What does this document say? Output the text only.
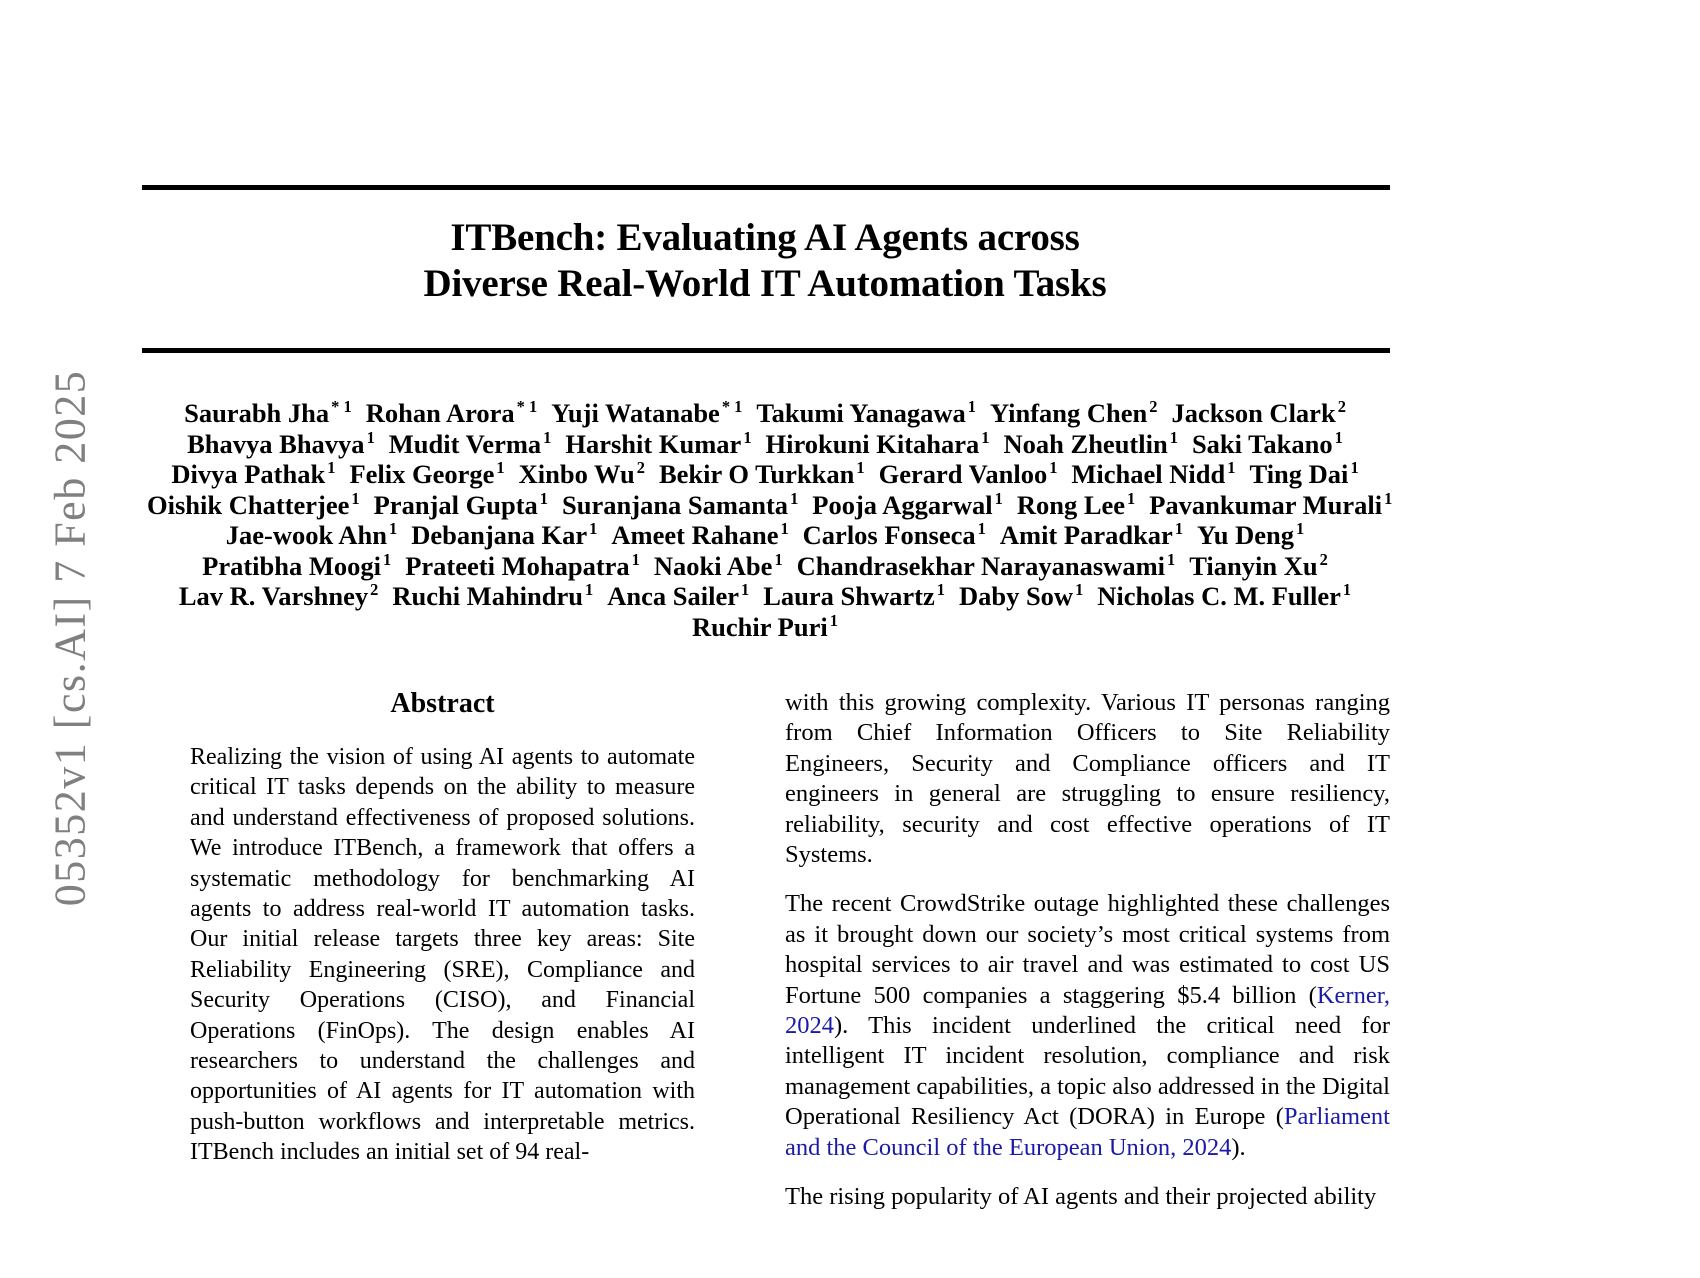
05352v1 [cs.AI] 7 Feb 2025
ITBench: Evaluating AI Agents across
Diverse Real-World IT Automation Tasks
Saurabh Jha $^{* 1}$ Rohan Arora $^{* 1}$ Yuji Watanabe $^{* 1}$ Takumi Yanagawa $^1$ Yinfang Chen $^2$ Jackson Clark $^2$
Bhavya Bhavya $^1$ Mudit Verma $^1$ Harshit Kumar $^1$ Hirokuni Kitahara $^1$ Noah Zheutlin $^1$ Saki Takano $^1$
Divya Pathak $^1$ Felix George $^1$ Xinbo Wu $^2$ Bekir O Turkkan $^1$ Gerard Vanloo $^1$ Michael Nidd $^1$ Ting Dai $^1$
Oishik Chatterjee $^1$ Pranjal Gupta $^1$ Suranjana Samanta $^1$ Pooja Aggarwal $^1$ Rong Lee $^1$ Pavankumar Murali $^1$
Jae-wook Ahn $^1$ Debanjana Kar $^1$ Ameet Rahane $^1$ Carlos Fonseca $^1$ Amit Paradkar $^1$ Yu Deng $^1$
Pratibha Moogi $^1$ Prateeti Mohapatra $^1$ Naoki Abe $^1$ Chandrasekhar Narayanaswami $^1$ Tianyin Xu $^2$
Lav R. Varshney $^2$ Ruchi Mahindru $^1$ Anca Sailer $^1$ Laura Shwartz $^1$ Daby Sow $^1$ Nicholas C. M. Fuller $^1$
Ruchir Puri $^1$
Abstract

Realizing the vision of using AI agents to automate critical IT tasks depends on the ability to measure and understand effectiveness of proposed solutions. We introduce ITBench, a framework that offers a systematic methodology for benchmarking AI agents to address real-world IT automation tasks. Our initial release targets three key areas: Site Reliability Engineering (SRE), Compliance and Security Operations (CISO), and Financial Operations (FinOps). The design enables AI researchers to understand the challenges and opportunities of AI agents for IT automation with push-button workflows and interpretable metrics. ITBench includes an initial set of 94 real-

with this growing complexity. Various IT personas ranging from Chief Information Officers to Site Reliability Engineers, Security and Compliance officers and IT engineers in general are struggling to ensure resiliency, reliability, security and cost effective operations of IT Systems.

The recent CrowdStrike outage highlighted these challenges as it brought down our society’s most critical systems from hospital services to air travel and was estimated to cost US Fortune 500 companies a staggering $5.4 billion (Kerner, 2024). This incident underlined the critical need for intelligent IT incident resolution, compliance and risk management capabilities, a topic also addressed in the Digital Operational Resiliency Act (DORA) in Europe (Parliament and the Council of the European Union, 2024).

The rising popularity of AI agents and their projected ability
